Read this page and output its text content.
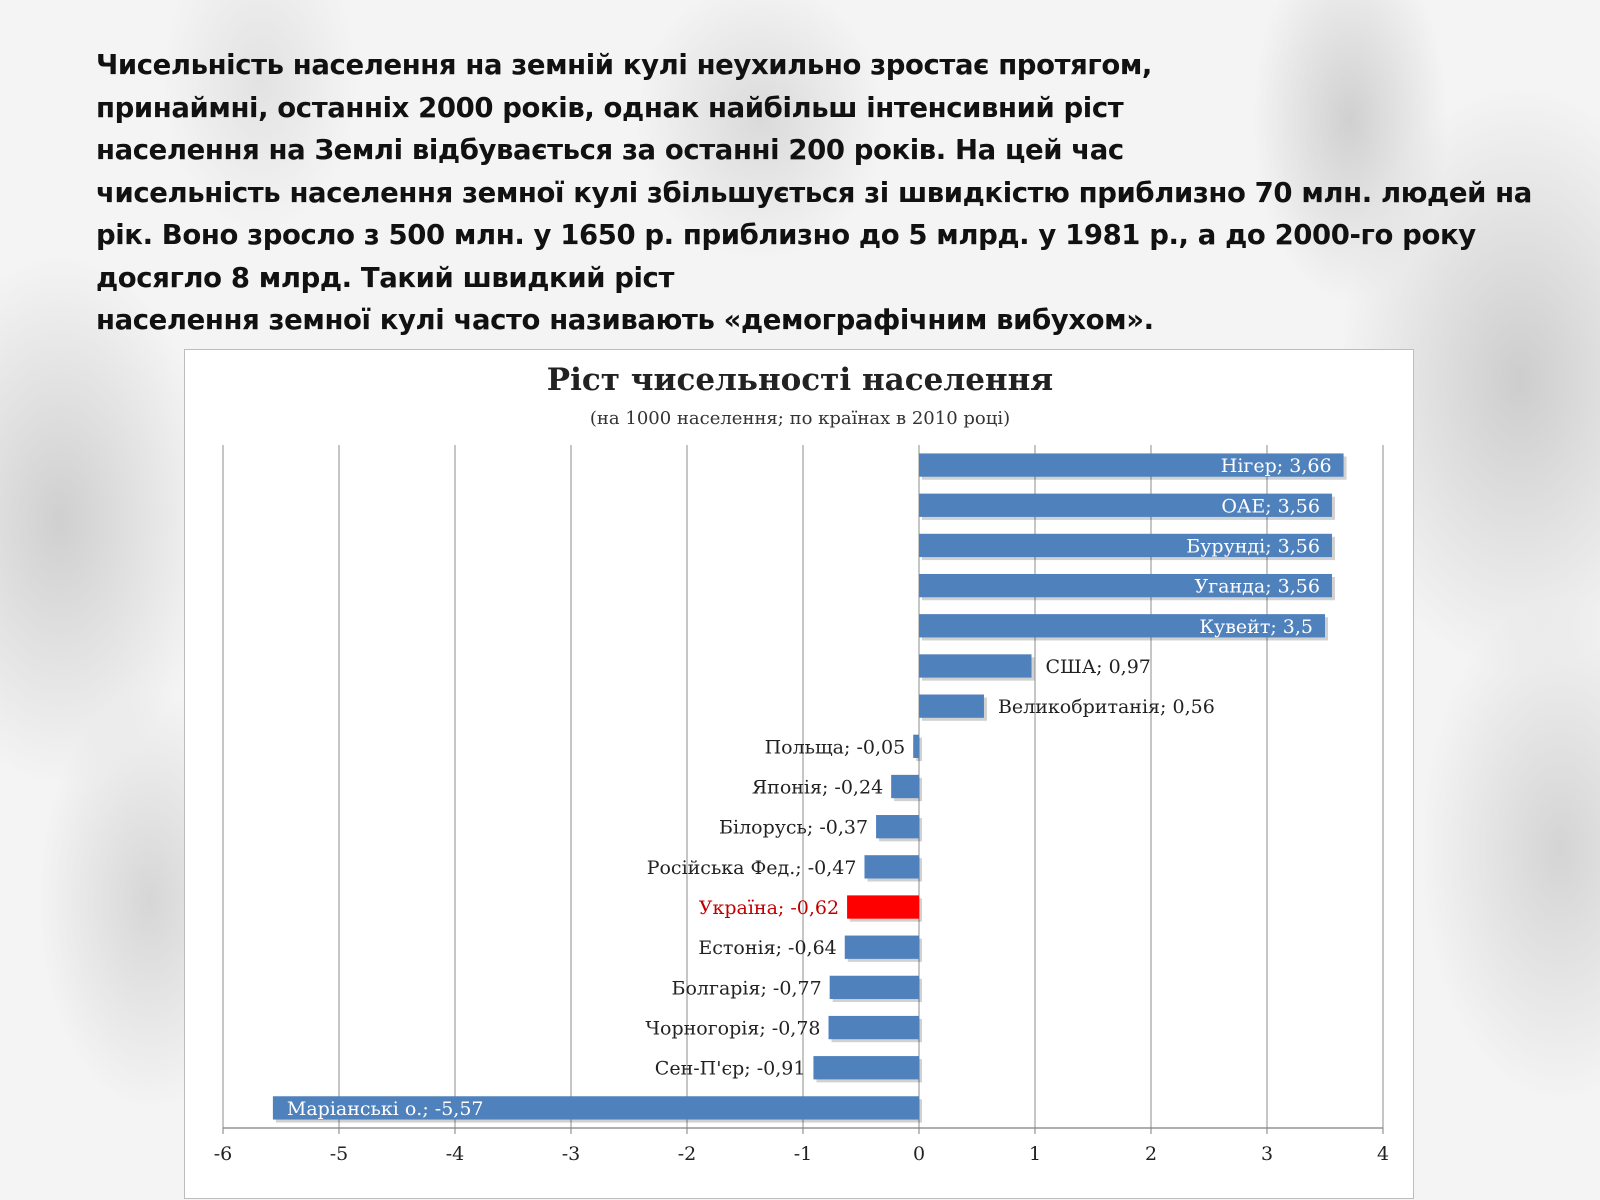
Чисельність населення на земній кулі неухильно зростає протягом,
принаймні, останніх 2000 років, однак найбільш інтенсивний ріст
населення на Землі відбувається за останні 200 років. На цей час
чисельність населення земної кулі збільшується зі швидкістю приблизно 70 млн. людей на
рік. Воно зросло з 500 млн. у 1650 р. приблизно до 5 млрд. у 1981 р., а до 2000-го року
досягло 8 млрд. Такий швидкий ріст
населення земної кулі часто називають «демографічним вибухом».
Ріст чисельності населення

(на 1000 населення; по країнах в 2010 році)

-6	-5	-4	-3	-2	-1	0	1	2	3	4
Нігер; 3,66
ОАЕ; 3,56
Бурунді; 3,56
Уганда; 3,56
Кувейт; 3,5
США; 0,97
Великобританія; 0,56
Польща; -0,05
Японія; -0,24
Білорусь; -0,37
Російська Фед.; -0,47
Україна; -0,62
Естонія; -0,64
Болгарія; -0,77
Чорногорія; -0,78
Сен-П'єр; -0,91
Маріанські о.; -5,57
